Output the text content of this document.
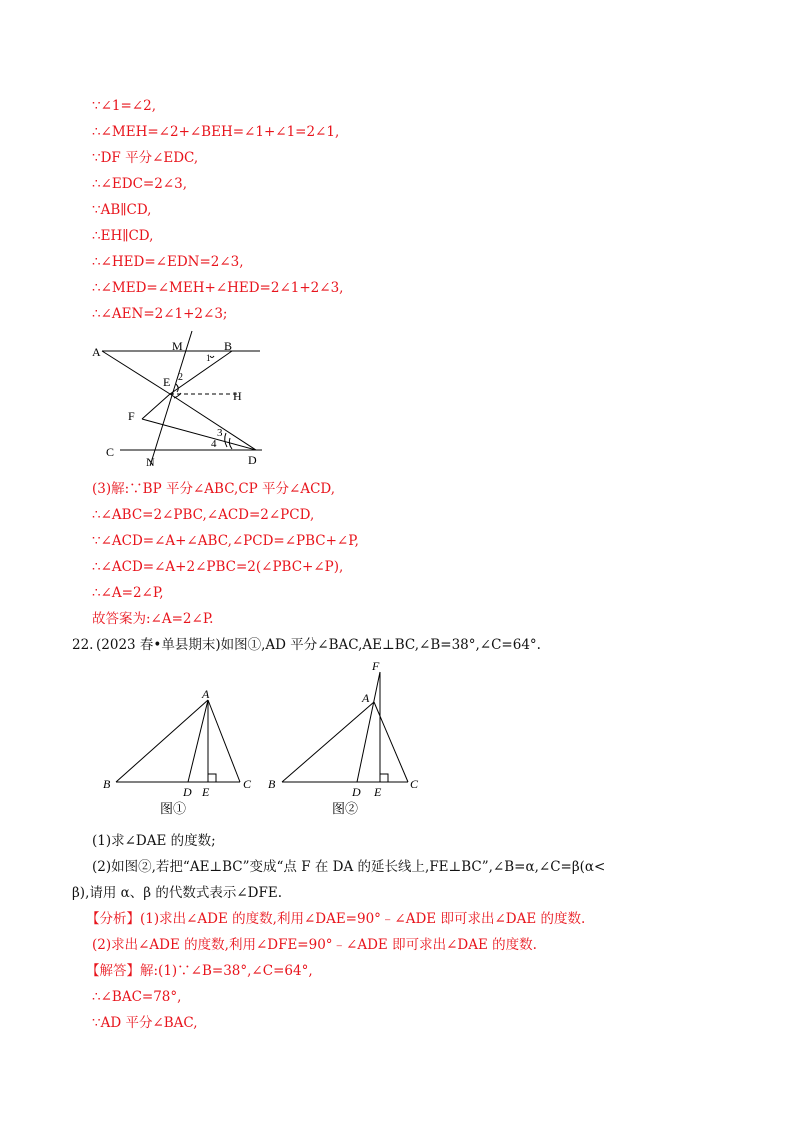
∵∠1=∠2,
∴∠MEH=∠2+∠BEH=∠1+∠1=2∠1,
∵DF 平分∠EDC,
∴∠EDC=2∠3,
∵AB∥CD,
∴EH∥CD,
∴∠HED=∠EDN=2∠3,
∴∠MED=∠MEH+∠HED=2∠1+2∠3,
∴∠AEN=2∠1+2∠3;
A	M	B
E
H
F
C
N	D
2
1
3
4
(3)解:∵BP 平分∠ABC,CP 平分∠ACD,
∴∠ABC=2∠PBC,∠ACD=2∠PCD,
∵∠ACD=∠A+∠ABC,∠PCD=∠PBC+∠P,
∴∠ACD=∠A+2∠PBC=2(∠PBC+∠P),
∴∠A=2∠P,
故答案为:∠A=2∠P.
22. (2023 春•单县期末)如图①,AD 平分∠BAC,AE⊥BC,∠B=38°,∠C=64°.
A
B	C
D E
图①
F
A
B	C
D E
图②
(1)求∠DAE 的度数;
(2)如图②,若把“AE⊥BC”变成“点 F 在 DA 的延长线上,FE⊥BC”,∠B=α,∠C=β(α<
β),请用 α、β 的代数式表示∠DFE.
【分析】(1)求出∠ADE 的度数,利用∠DAE=90°﹣∠ADE 即可求出∠DAE 的度数.
(2)求出∠ADE 的度数,利用∠DFE=90°﹣∠ADE 即可求出∠DAE 的度数.
【解答】解:(1)∵∠B=38°,∠C=64°,
∴∠BAC=78°,
∵AD 平分∠BAC,
